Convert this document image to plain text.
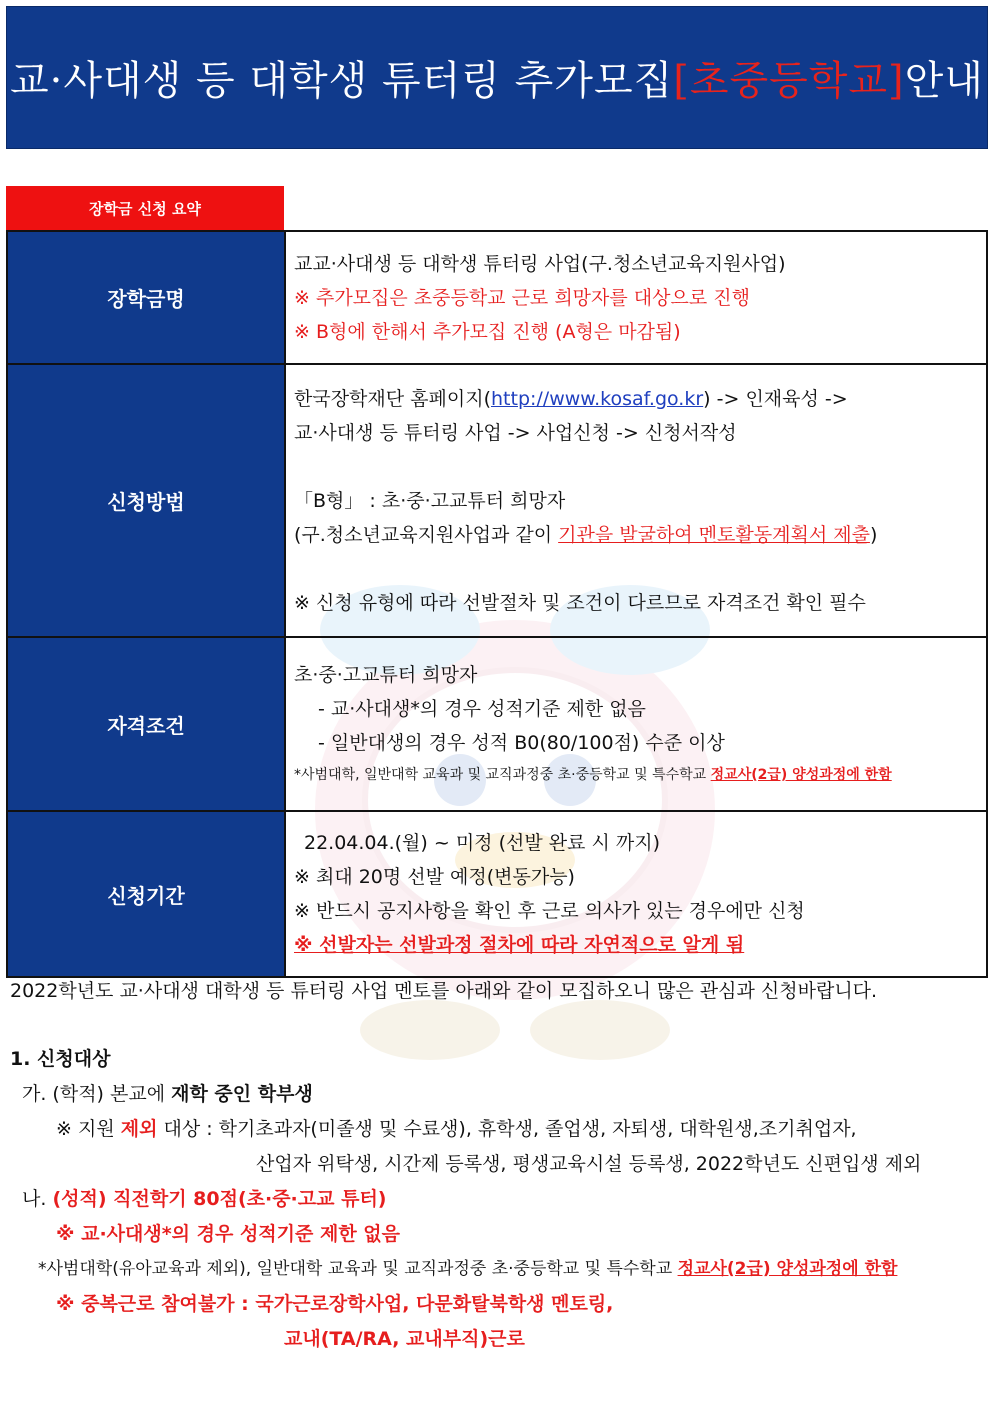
교·사대생 등 대학생 튜터링 추가모집 [초중등학교] 안내
장학금 신청 요약
장학금명	교교·사대생 등 대학생 튜터링 사업(구.청소년교육지원사업)
※ 추가모집은 초중등학교 근로 희망자를 대상으로 진행
※ B형에 한해서 추가모집 진행 (A형은 마감됨)

신청방법	한국장학재단 홈페이지(http://www.kosaf.go.kr) -> 인재육성 ->
교·사대생 등 튜터링 사업 -> 사업신청 -> 신청서작성
「B형」 : 초·중·고교튜터 희망자
(구.청소년교육지원사업과 같이 기관을 발굴하여 멘토활동계획서 제출)
※ 신청 유형에 따라 선발절차 및 조건이 다르므로 자격조건 확인 필수

자격조건	초·중·고교튜터 희망자
- 교·사대생*의 경우 성적기준 제한 없음
- 일반대생의 경우 성적 B0(80/100점) 수준 이상
*사범대학, 일반대학 교육과 및 교직과정중 초·중등학교 및 특수학교 정교사(2급) 양성과정에 한함

신청기간	22.04.04.(월) ~ 미정 (선발 완료 시 까지)
※ 최대 20명 선발 예정(변동가능)
※ 반드시 공지사항을 확인 후 근로 의사가 있는 경우에만 신청
※ 선발자는 선발과정 절차에 따라 자연적으로 알게 됨
2022학년도 교·사대생 대학생 등 튜터링 사업 멘토를 아래와 같이 모집하오니 많은 관심과 신청바랍니다.
1. 신청대상
가. (학적) 본교에 재학 중인 학부생
※ 지원 제외 대상 : 학기초과자(미졸생 및 수료생), 휴학생, 졸업생, 자퇴생, 대학원생,조기취업자,
산업자 위탁생, 시간제 등록생, 평생교육시설 등록생, 2022학년도 신편입생 제외
나. (성적) 직전학기 80점(초·중·고교 튜터)
※ 교·사대생*의 경우 성적기준 제한 없음
*사범대학(유아교육과 제외), 일반대학 교육과 및 교직과정중 초·중등학교 및 특수학교 정교사(2급) 양성과정에 한함
※ 중복근로 참여불가 : 국가근로장학사업, 다문화탈북학생 멘토링,
교내(TA/RA, 교내부직)근로
